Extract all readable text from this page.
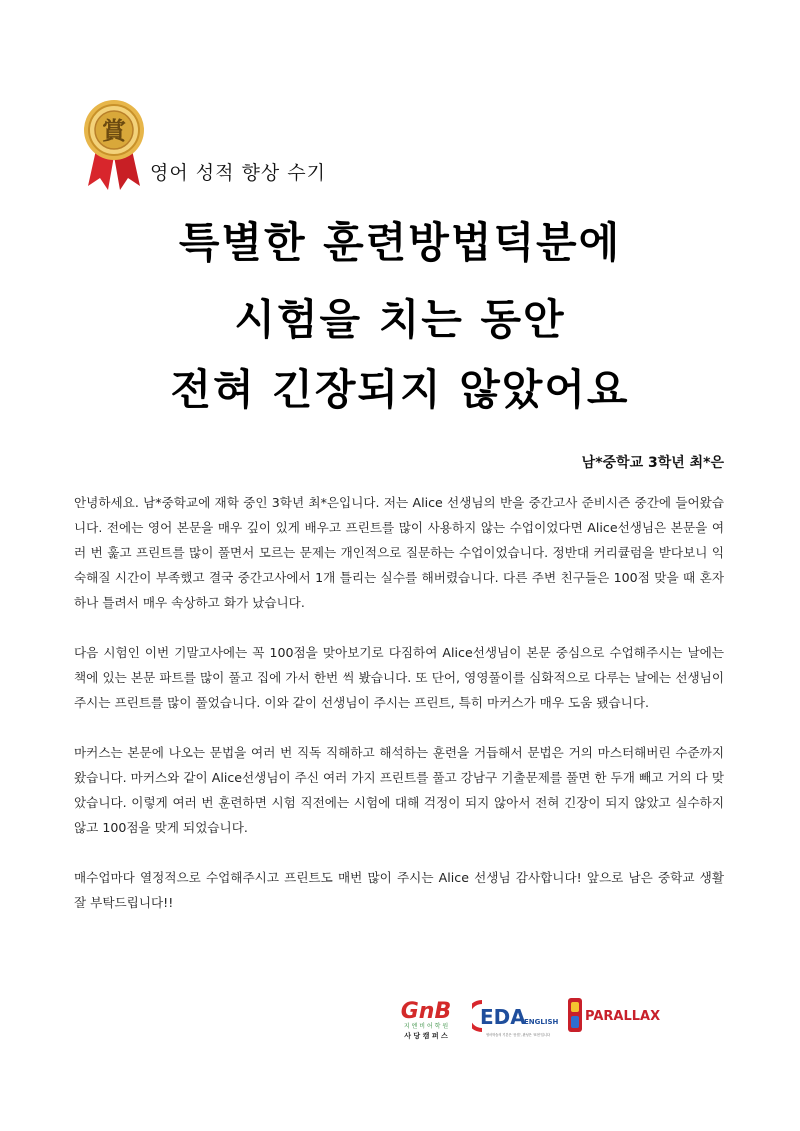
賞
영어 성적 향상 수기
특별한 훈련방법덕분에
시험을 치는 동안
전혀 긴장되지 않았어요
남*중학교 3학년 최*은

안녕하세요. 남*중학교에 재학 중인 3학년 최*은입니다. 저는 Alice 선생님의 반을 중간고사 준비시즌 중간에 들어왔습니다. 전에는 영어 본문을 매우 깊이 있게 배우고 프린트를 많이 사용하지 않는 수업이었다면 Alice선생님은 본문을 여러 번 훑고 프린트를 많이 풀면서 모르는 문제는 개인적으로 질문하는 수업이었습니다. 정반대 커리큘럼을 받다보니 익숙해질 시간이 부족했고 결국 중간고사에서 1개 틀리는 실수를 해버렸습니다. 다른 주변 친구들은 100점 맞을 때 혼자 하나 틀려서 매우 속상하고 화가 났습니다.

다음 시험인 이번 기말고사에는 꼭 100점을 맞아보기로 다짐하여 Alice선생님이 본문 중심으로 수업해주시는 날에는 책에 있는 본문 파트를 많이 풀고 집에 가서 한번 씩 봤습니다. 또 단어, 영영풀이를 심화적으로 다루는 날에는 선생님이 주시는 프린트를 많이 풀었습니다. 이와 같이 선생님이 주시는 프린트, 특히 마커스가 매우 도움 됐습니다.

마커스는 본문에 나오는 문법을 여러 번 직독 직해하고 해석하는 훈련을 거듭해서 문법은 거의 마스터해버린 수준까지 왔습니다. 마커스와 같이 Alice선생님이 주신 여러 가지 프린트를 풀고 강남구 기출문제를 풀면 한 두개 빼고 거의 다 맞았습니다. 이렇게 여러 번 훈련하면 시험 직전에는 시험에 대해 걱정이 되지 않아서 전혀 긴장이 되지 않았고 실수하지 않고 100점을 맞게 되었습니다.

매수업마다 열정적으로 수업해주시고 프린트도 매번 많이 주시는 Alice 선생님 감사합니다! 앞으로 남은 중학교 생활 잘 부탁드립니다!!

GnB
지 엔 비 어 학 원
사 당 캠 퍼 스
EDA
ENGLISH
영어학습의 기본은 '문법', 완성은 '표현'입니다
PARALLAX
